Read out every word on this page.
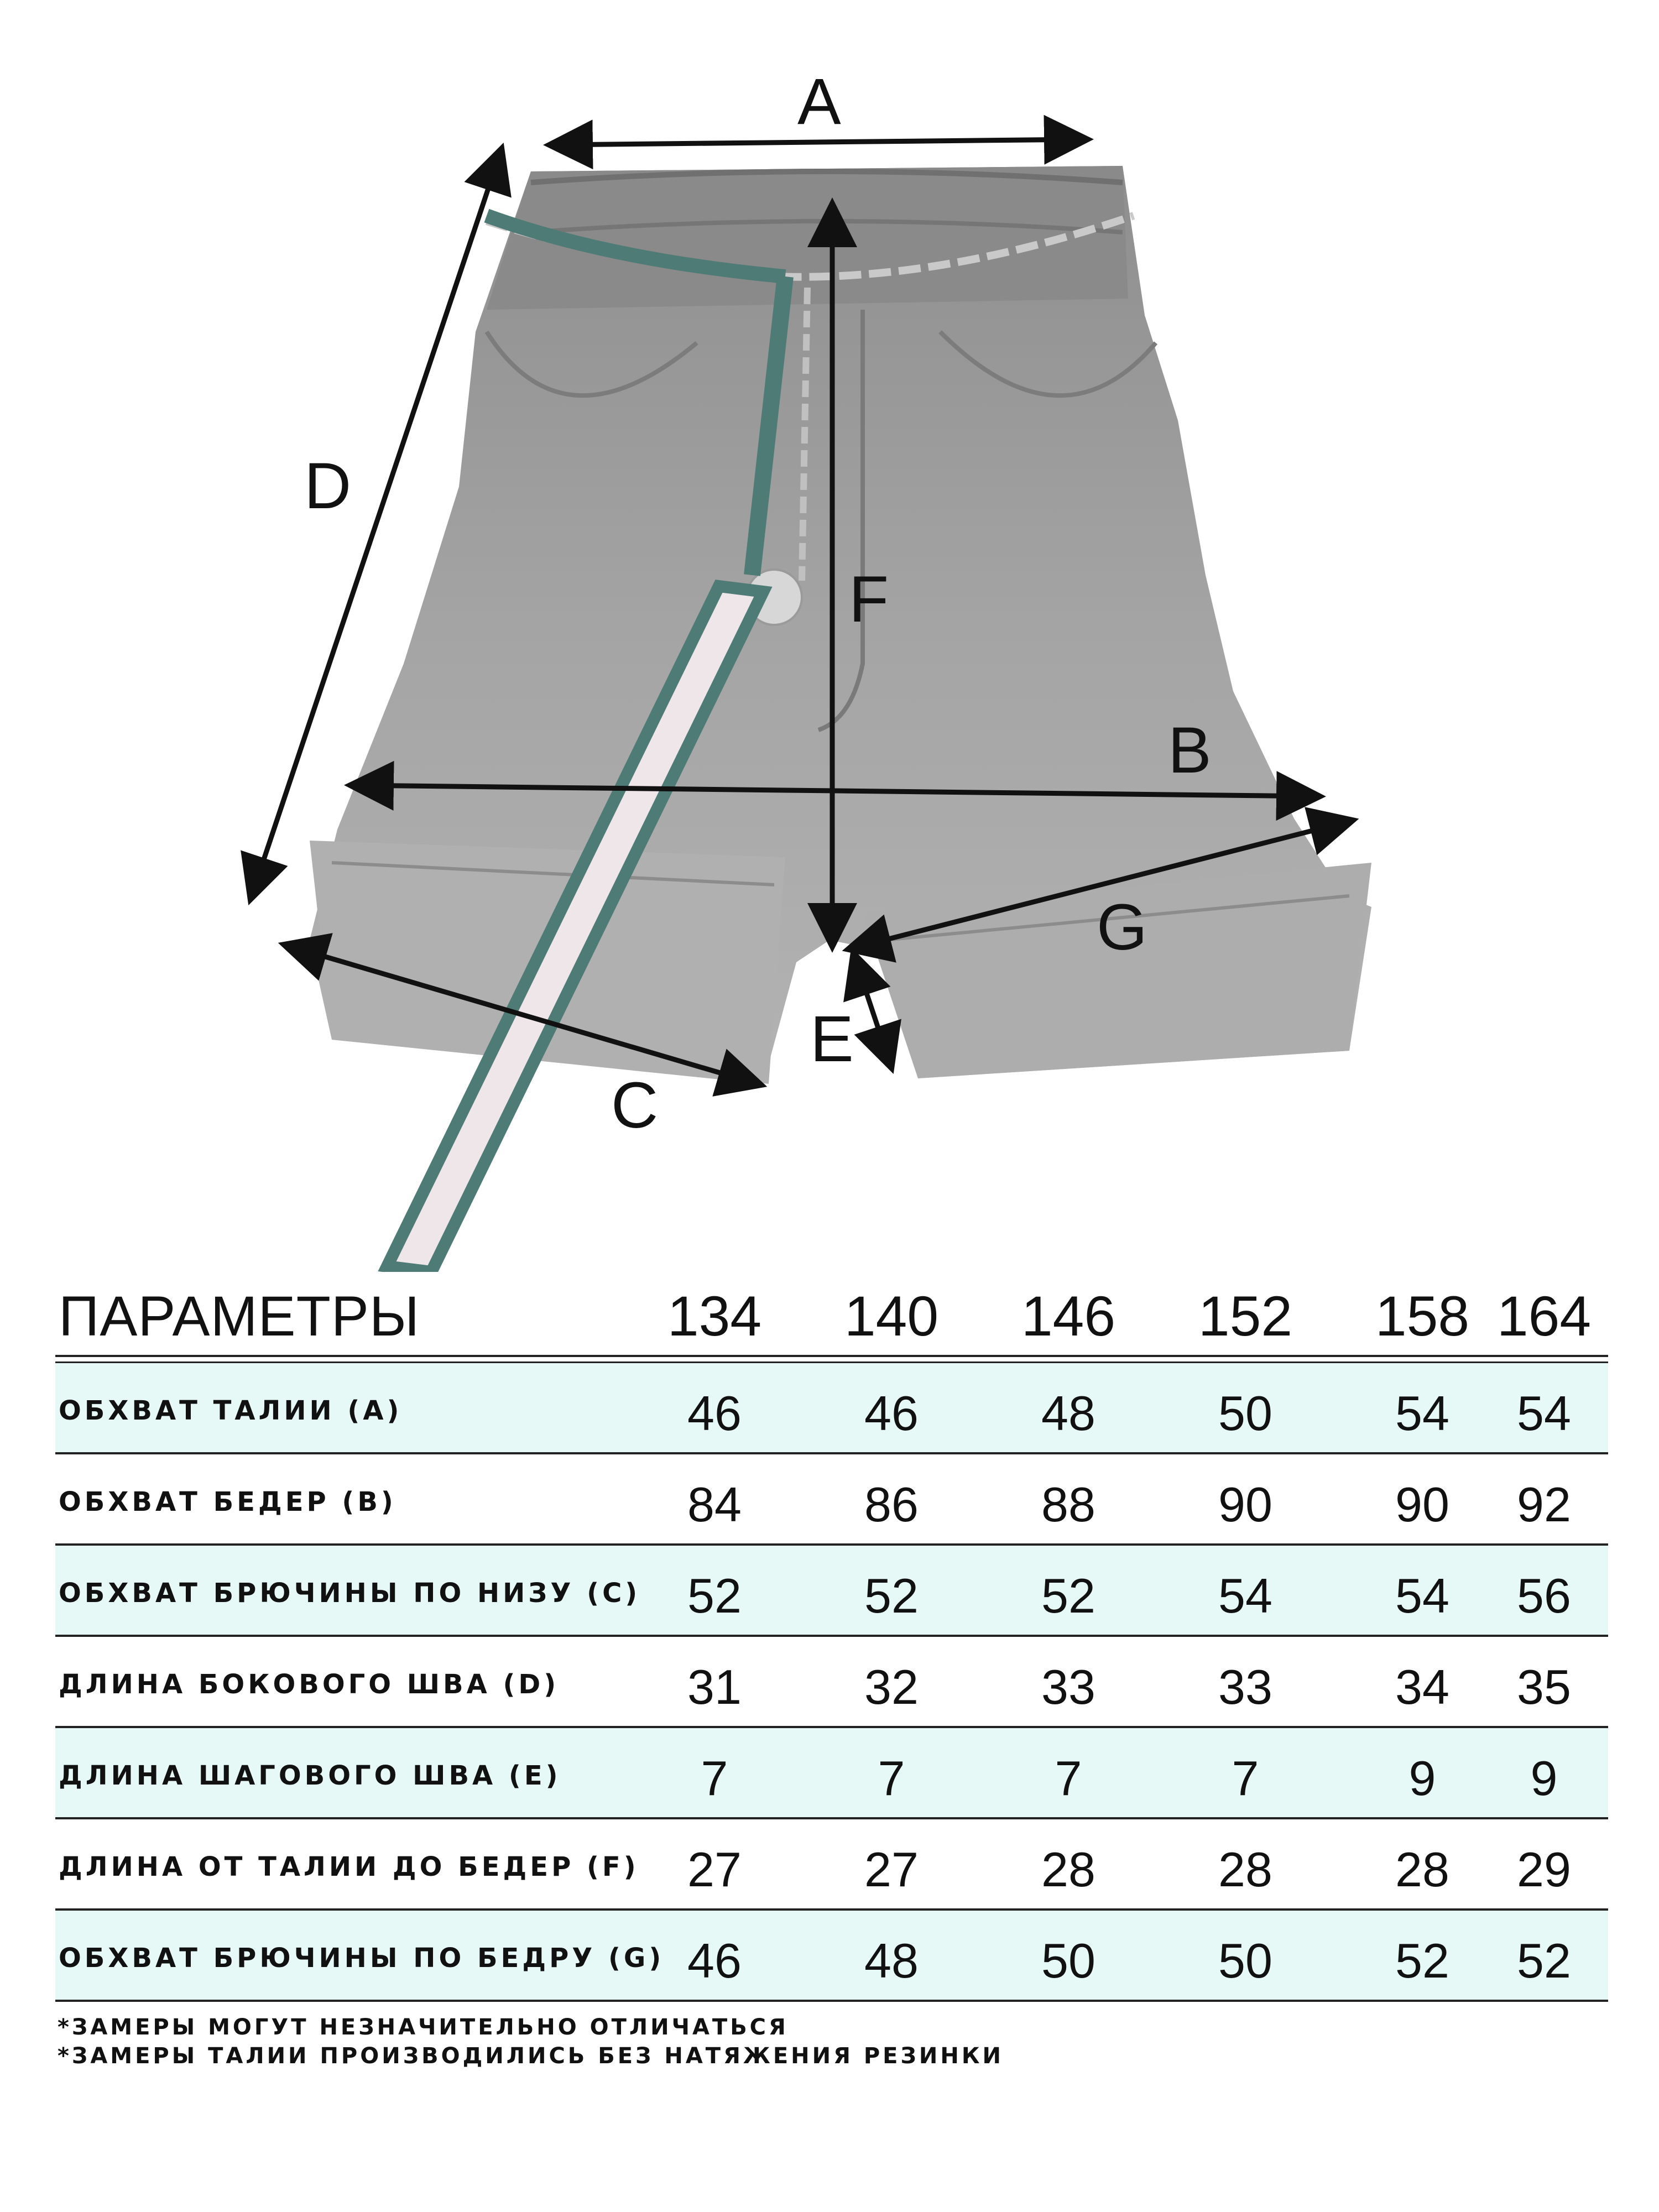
A
B
C
D
E
F
G
ПАРАМЕТРЫ	134 140 146 152 158 164
ОБХВАТ ТАЛИИ (А)	46	46	48	50	54	54
ОБХВАТ БЕДЕР (В)	84	86	88	90	90	92
ОБХВАТ БРЮЧИНЫ ПО НИЗУ (С) 52	52	52	54	54	56
ДЛИНА БОКОВОГО ШВА (D)	31	32	33	33	34	35
ДЛИНА ШАГОВОГО ШВА (Е)	7	7	7	7	9	9
ДЛИНА ОТ ТАЛИИ ДО БЕДЕР (F) 27	27	28	28	28	29
ОБХВАТ БРЮЧИНЫ ПО БЕДРУ (G) 46	48	50	50	52	52
*ЗАМЕРЫ МОГУТ НЕЗНАЧИТЕЛЬНО ОТЛИЧАТЬСЯ
*ЗАМЕРЫ ТАЛИИ ПРОИЗВОДИЛИСЬ БЕЗ НАТЯЖЕНИЯ РЕЗИНКИ
